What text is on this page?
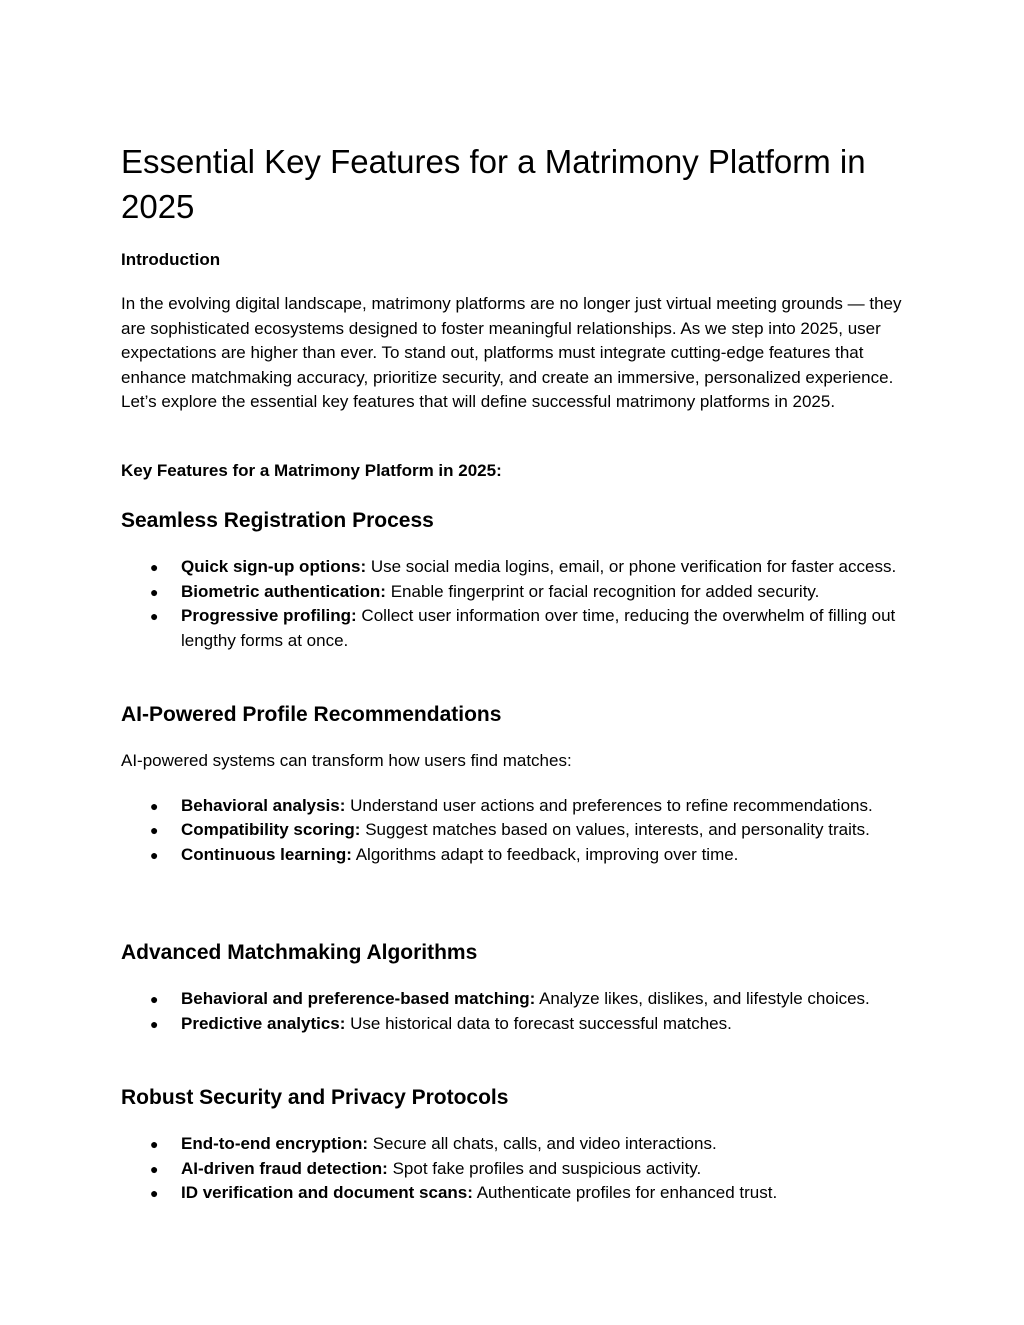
Essential Key Features for a Matrimony Platform in 2025
Introduction

In the evolving digital landscape, matrimony platforms are no longer just virtual meeting grounds — they are sophisticated ecosystems designed to foster meaningful relationships. As we step into 2025, user expectations are higher than ever. To stand out, platforms must integrate cutting-edge features that enhance matchmaking accuracy, prioritize security, and create an immersive, personalized experience. Let’s explore the essential key features that will define successful matrimony platforms in 2025.

Key Features for a Matrimony Platform in 2025:
Seamless Registration Process
● Quick sign-up options: Use social media logins, email, or phone verification for faster access.
● Biometric authentication: Enable fingerprint or facial recognition for added security.
● Progressive profiling: Collect user information over time, reducing the overwhelm of filling out lengthy forms at once.
AI-Powered Profile Recommendations

AI-powered systems can transform how users find matches:

● Behavioral analysis: Understand user actions and preferences to refine recommendations.
● Compatibility scoring: Suggest matches based on values, interests, and personality traits.
● Continuous learning: Algorithms adapt to feedback, improving over time.
Advanced Matchmaking Algorithms
● Behavioral and preference-based matching: Analyze likes, dislikes, and lifestyle choices.
● Predictive analytics: Use historical data to forecast successful matches.
Robust Security and Privacy Protocols
● End-to-end encryption: Secure all chats, calls, and video interactions.
● AI-driven fraud detection: Spot fake profiles and suspicious activity.
● ID verification and document scans: Authenticate profiles for enhanced trust.
